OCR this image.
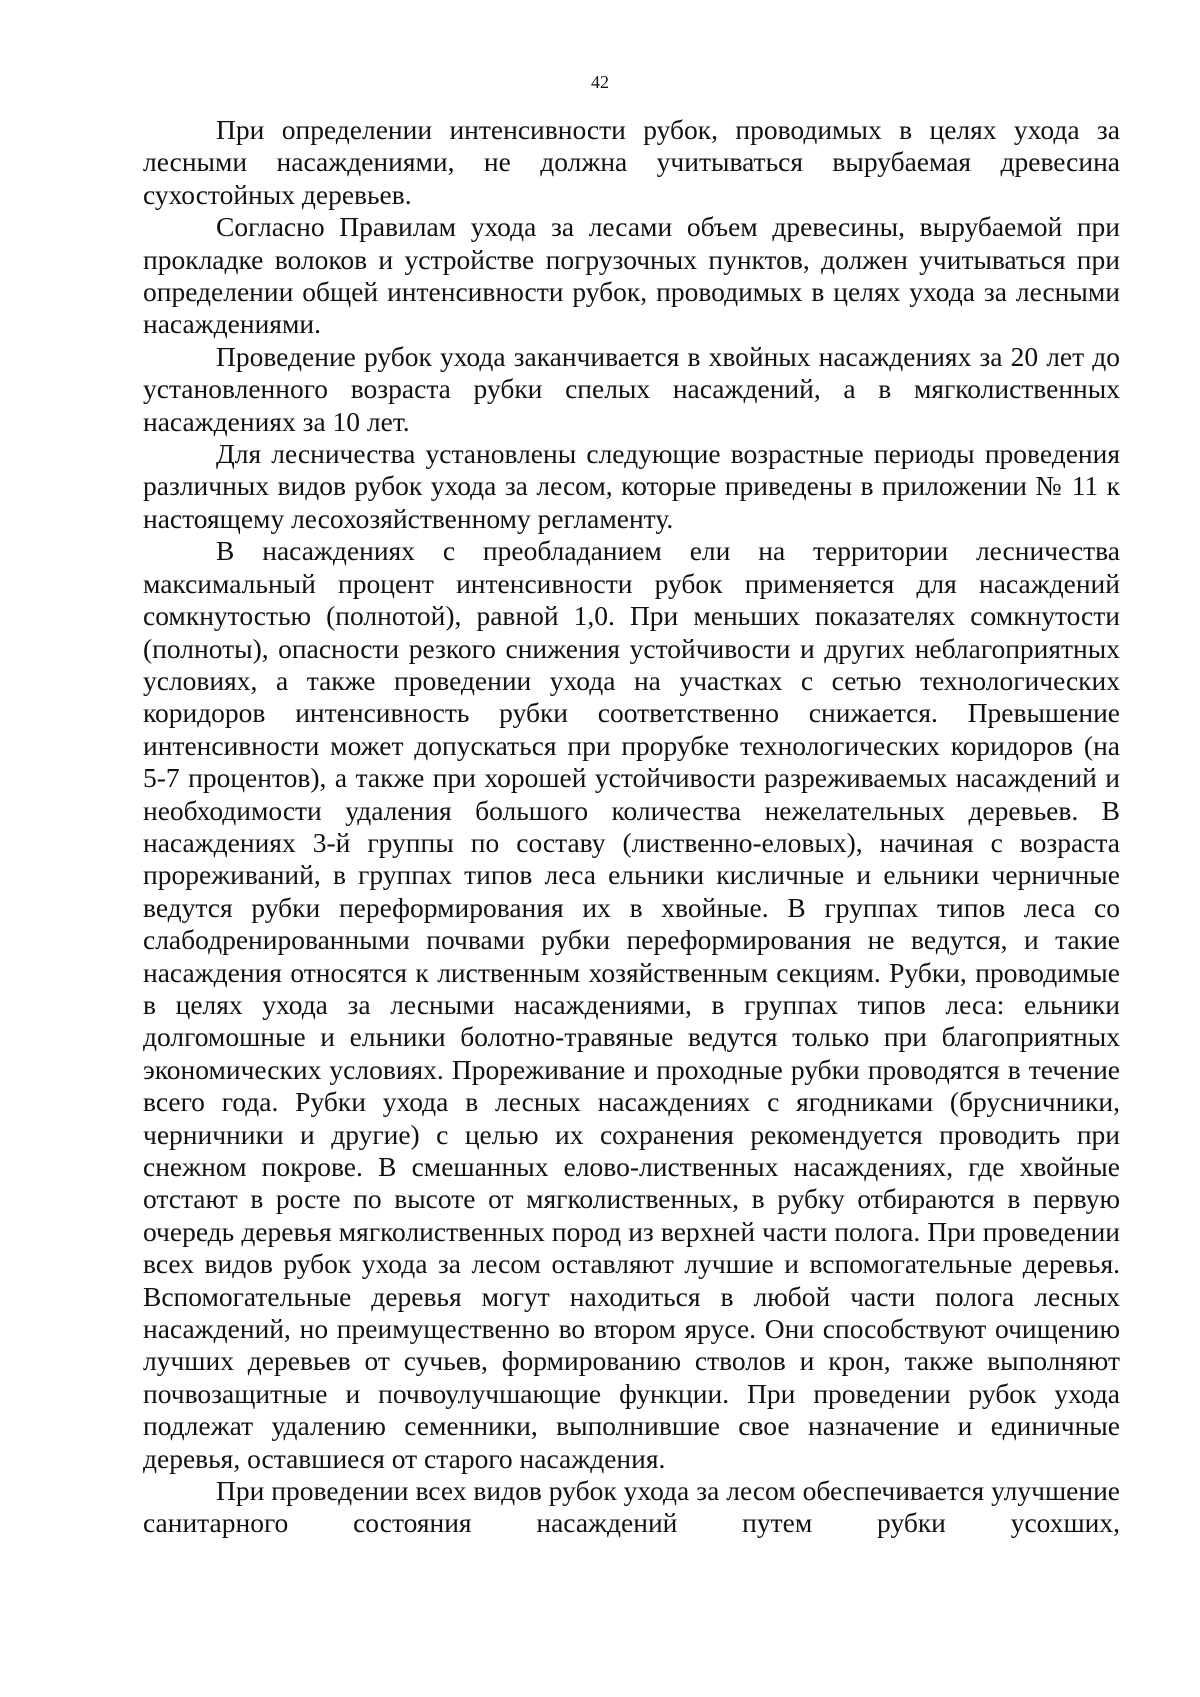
42

При определении интенсивности рубок, проводимых в целях ухода за лесными насаждениями, не должна учитываться вырубаемая древесина сухостойных деревьев.

Согласно Правилам ухода за лесами объем древесины, вырубаемой при прокладке волоков и устройстве погрузочных пунктов, должен учитываться при определении общей интенсивности рубок, проводимых в целях ухода за лесными насаждениями.

Проведение рубок ухода заканчивается в хвойных насаждениях за 20 лет до установленного возраста рубки спелых насаждений, а в мягколиственных насаждениях за 10 лет.

Для лесничества установлены следующие возрастные периоды проведения различных видов рубок ухода за лесом, которые приведены в приложении № 11 к настоящему лесохозяйственному регламенту.

В насаждениях с преобладанием ели на территории лесничества максимальный процент интенсивности рубок применяется для насаждений сомкнутостью (полнотой), равной 1,0. При меньших показателях сомкнутости (полноты), опасности резкого снижения устойчивости и других неблагоприятных условиях, а также проведении ухода на участках с сетью технологических коридоров интенсивность рубки соответственно снижается. Превышение интенсивности может допускаться при прорубке технологических коридоров (на 5-7 процентов), а также при хорошей устойчивости разреживаемых насаждений и необходимости удаления большого количества нежелательных деревьев. В насаждениях 3-й группы по составу (лиственно-еловых), начиная с возраста прореживаний, в группах типов леса ельники кисличные и ельники черничные ведутся рубки переформирования их в хвойные. В группах типов леса со слабодренированными почвами рубки переформирования не ведутся, и такие насаждения относятся к лиственным хозяйственным секциям. Рубки, проводимые в целях ухода за лесными насаждениями, в группах типов леса: ельники долгомошные и ельники болотно-травяные ведутся только при благоприятных экономических условиях. Прореживание и проходные рубки проводятся в течение всего года. Рубки ухода в лесных насаждениях с ягодниками (брусничники, черничники и другие) с целью их сохранения рекомендуется проводить при снежном покрове. В смешанных елово-лиственных насаждениях, где хвойные отстают в росте по высоте от мягколиственных, в рубку отбираются в первую очередь деревья мягколиственных пород из верхней части полога. При проведении всех видов рубок ухода за лесом оставляют лучшие и вспомогательные деревья. Вспомогательные деревья могут находиться в любой части полога лесных насаждений, но преимущественно во втором ярусе. Они способствуют очищению лучших деревьев от сучьев, формированию стволов и крон, также выполняют почвозащитные и почвоулучшающие функции. При проведении рубок ухода подлежат удалению семенники, выполнившие свое назначение и единичные деревья, оставшиеся от старого насаждения.

При проведении всех видов рубок ухода за лесом обеспечивается улучшение санитарного состояния насаждений путем рубки усохших,
